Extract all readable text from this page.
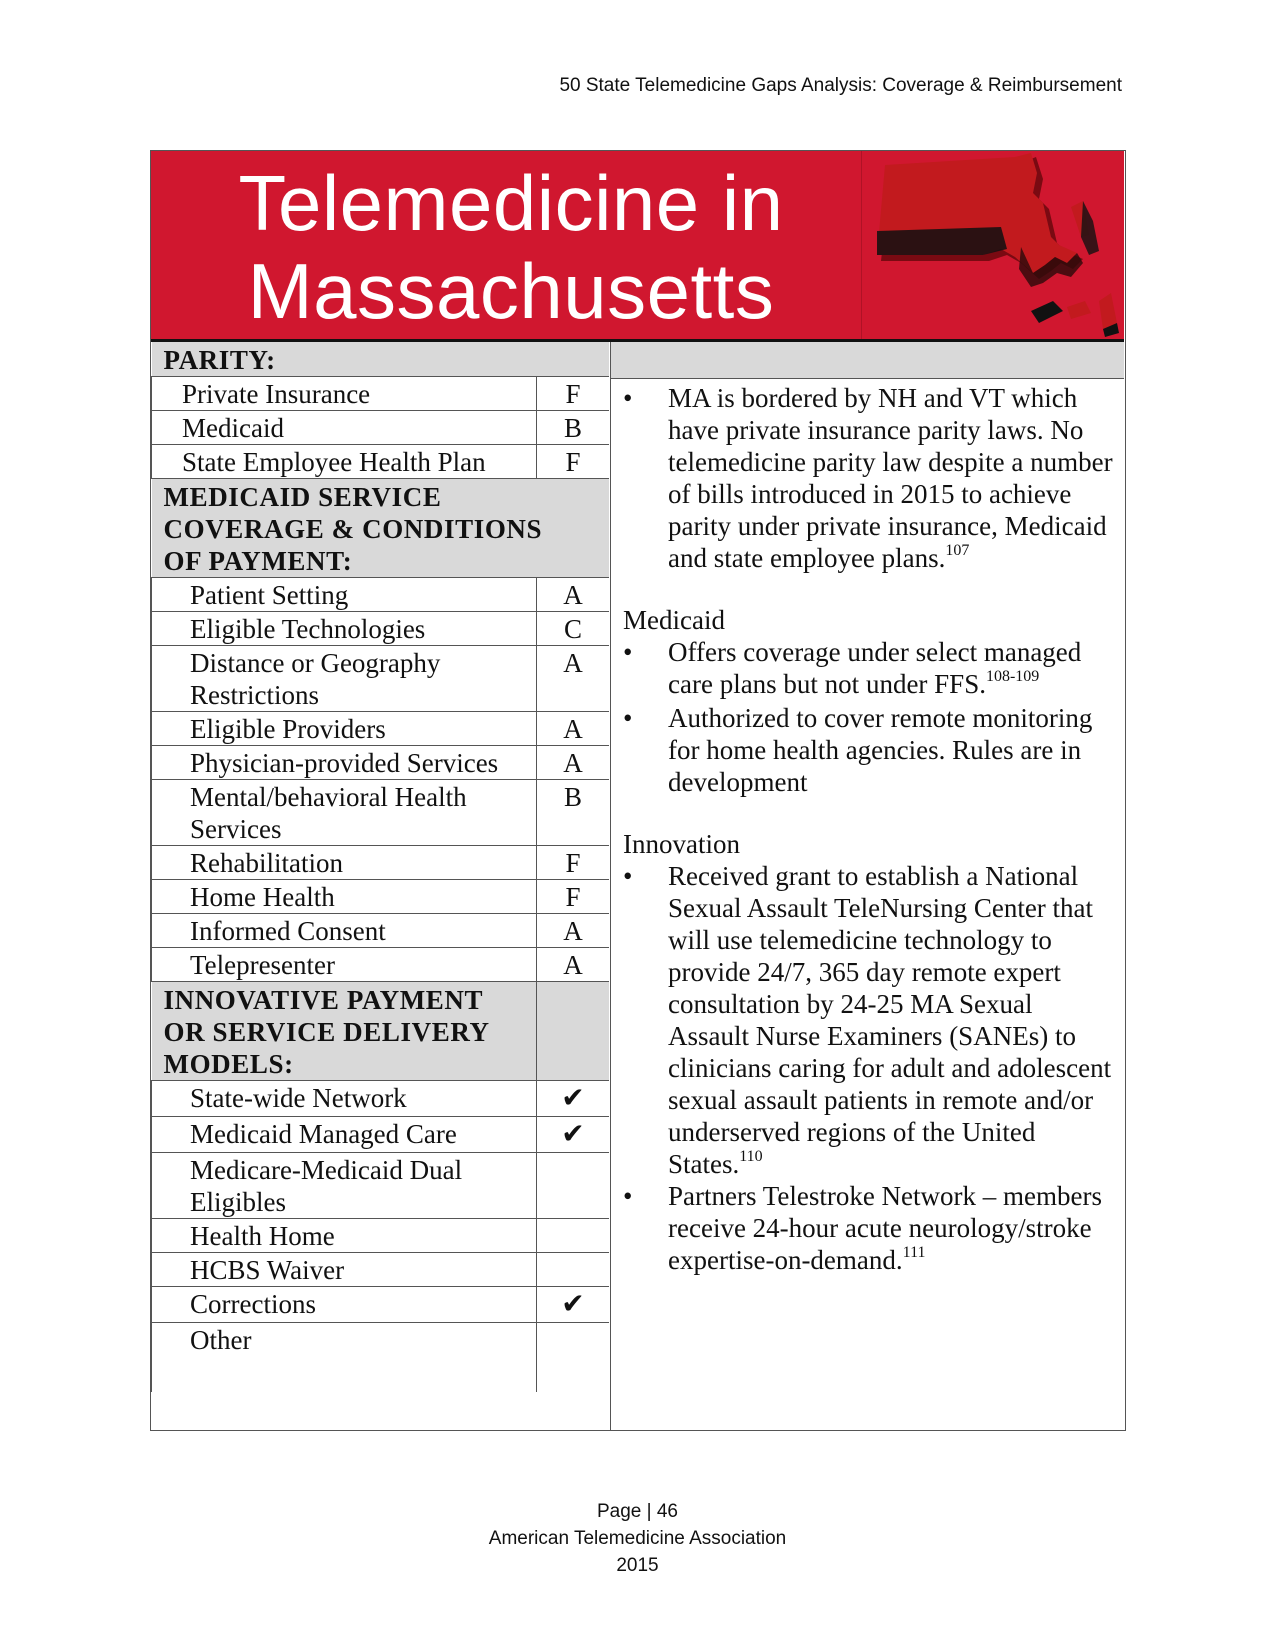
50 State Telemedicine Gaps Analysis: Coverage & Reimbursement
Telemedicine in
Massachusetts
PARITY:	
Private Insurance	F
Medicaid	B
State Employee Health Plan	F

MEDICAID SERVICE
COVERAGE & CONDITIONS
OF PAYMENT:	

Patient Setting	A
Eligible Technologies	C

Distance or Geography
Restrictions	A
Eligible Providers	A
Physician-provided Services	A

Mental/behavioral Health
Services	B
Rehabilitation	F
Home Health	F
Informed Consent	A
Telepresenter	A

INNOVATIVE PAYMENT
OR SERVICE DELIVERY
MODELS:	

State-wide Network	✔
Medicaid Managed Care	✔

Medicare-Medicaid Dual
Eligibles	

Health Home	
HCBS Waiver	
Corrections	✔
Other	

• MA is bordered by NH and VT which have private insurance parity laws. No telemedicine parity law despite a number of bills introduced in 2015 to achieve parity under private insurance, Medicaid and state employee plans.$^{107}$

Medicaid

• Offers coverage under select managed care plans but not under FFS.$^{108-109}$

• Authorized to cover remote monitoring for home health agencies. Rules are in development

Innovation

• Received grant to establish a National Sexual Assault TeleNursing Center that will use telemedicine technology to provide 24/7, 365 day remote expert consultation by 24-25 MA Sexual Assault Nurse Examiners (SANEs) to clinicians caring for adult and adolescent sexual assault patients in remote and/or underserved regions of the United States.$^{110}$

• Partners Telestroke Network – members receive 24-hour acute neurology/stroke expertise-on-demand.$^{111}$

Page | 46
American Telemedicine Association
2015
